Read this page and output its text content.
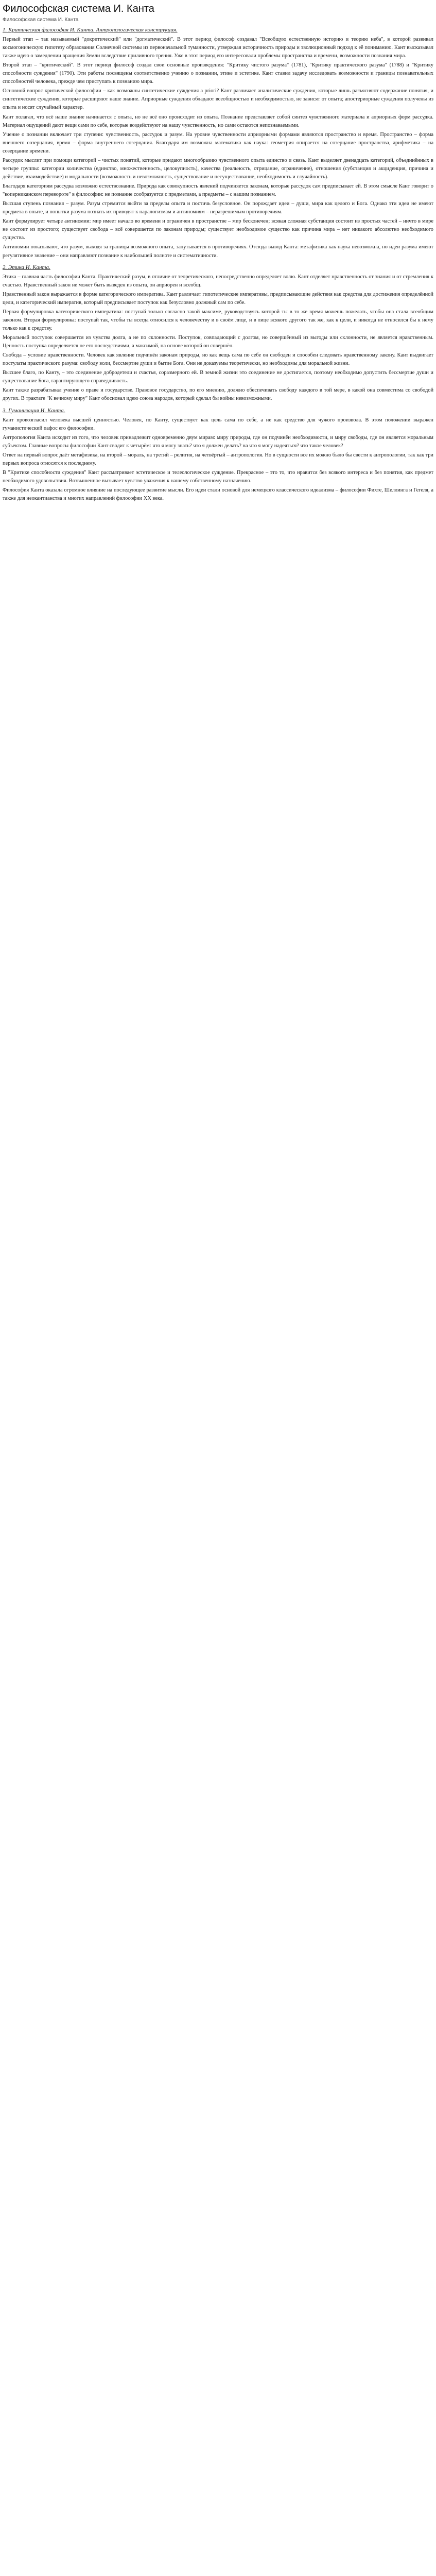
Философская система И. Канта
Философская система И. Канта
1. Критическая философия И. Канта. Антропологическая конструкция.

Первый этап – так называемый "докритический" или "догматический". В этот период философ создавал "Всеобщую естественную историю и теорию неба", в которой развивал космогоническую гипотезу образования Солнечной системы из первоначальной туманности, утверждая историчность природы и эволюционный подход к её пониманию. Кант высказывал также идею о замедлении вращения Земли вследствие приливного трения. Уже в этот период его интересовали проблемы пространства и времени, возможности познания мира.

Второй этап – "критический". В этот период философ создал свои основные произведения: "Критику чистого разума" (1781), "Критику практического разума" (1788) и "Критику способности суждения" (1790). Эти работы посвящены соответственно учению о познании, этике и эстетике. Кант ставил задачу исследовать возможности и границы познавательных способностей человека, прежде чем приступать к познанию мира.

Основной вопрос критической философии – как возможны синтетические суждения a priori? Кант различает аналитические суждения, которые лишь разъясняют содержание понятия, и синтетические суждения, которые расширяют наше знание. Априорные суждения обладают всеобщностью и необходимостью, не зависят от опыта; апостериорные суждения получены из опыта и носят случайный характер.

Кант полагал, что всё наше знание начинается с опыта, но не всё оно происходит из опыта. Познание представляет собой синтез чувственного материала и априорных форм рассудка. Материал ощущений дают вещи сами по себе, которые воздействуют на нашу чувственность, но сами остаются непознаваемыми.

Учение о познании включает три ступени: чувственность, рассудок и разум. На уровне чувственности априорными формами являются пространство и время. Пространство – форма внешнего созерцания, время – форма внутреннего созерцания. Благодаря им возможна математика как наука: геометрия опирается на созерцание пространства, арифметика – на созерцание времени.

Рассудок мыслит при помощи категорий – чистых понятий, которые придают многообразию чувственного опыта единство и связь. Кант выделяет двенадцать категорий, объединённых в четыре группы: категории количества (единство, множественность, целокупность), качества (реальность, отрицание, ограничение), отношения (субстанция и акциденция, причина и действие, взаимодействие) и модальности (возможность и невозможность, существование и несуществование, необходимость и случайность).

Благодаря категориям рассудка возможно естествознание. Природа как совокупность явлений подчиняется законам, которые рассудок сам предписывает ей. В этом смысле Кант говорит о "коперниканском перевороте" в философии: не познание сообразуется с предметами, а предметы – с нашим познанием.

Высшая ступень познания – разум. Разум стремится выйти за пределы опыта и постичь безусловное. Он порождает идеи – души, мира как целого и Бога. Однако эти идеи не имеют предмета в опыте, и попытки разума познать их приводят к паралогизмам и антиномиям – неразрешимым противоречиям.

Кант формулирует четыре антиномии: мир имеет начало во времени и ограничен в пространстве – мир бесконечен; всякая сложная субстанция состоит из простых частей – ничто в мире не состоит из простого; существует свобода – всё совершается по законам природы; существует необходимое существо как причина мира – нет никакого абсолютно необходимого существа.

Антиномии показывают, что разум, выходя за границы возможного опыта, запутывается в противоречиях. Отсюда вывод Канта: метафизика как наука невозможна, но идеи разума имеют регулятивное значение – они направляют познание к наибольшей полноте и систематичности.

2. Этика И. Канта.

Этика – главная часть философии Канта. Практический разум, в отличие от теоретического, непосредственно определяет волю. Кант отделяет нравственность от знания и от стремления к счастью. Нравственный закон не может быть выведен из опыта, он априорен и всеобщ.

Нравственный закон выражается в форме категорического императива. Кант различает гипотетические императивы, предписывающие действия как средства для достижения определённой цели, и категорический императив, который предписывает поступок как безусловно должный сам по себе.

Первая формулировка категорического императива: поступай только согласно такой максиме, руководствуясь которой ты в то же время можешь пожелать, чтобы она стала всеобщим законом. Вторая формулировка: поступай так, чтобы ты всегда относился к человечеству и в своём лице, и в лице всякого другого так же, как к цели, и никогда не относился бы к нему только как к средству.

Моральный поступок совершается из чувства долга, а не по склонности. Поступок, совпадающий с долгом, но совершённый из выгоды или склонности, не является нравственным. Ценность поступка определяется не его последствиями, а максимой, на основе которой он совершён.

Свобода – условие нравственности. Человек как явление подчинён законам природы, но как вещь сама по себе он свободен и способен следовать нравственному закону. Кант выдвигает постулаты практического разума: свободу воли, бессмертие души и бытие Бога. Они не доказуемы теоретически, но необходимы для моральной жизни.

Высшее благо, по Канту, – это соединение добродетели и счастья, соразмерного ей. В земной жизни это соединение не достигается, поэтому необходимо допустить бессмертие души и существование Бога, гарантирующего справедливость.

Кант также разрабатывал учение о праве и государстве. Правовое государство, по его мнению, должно обеспечивать свободу каждого в той мере, в какой она совместима со свободой других. В трактате "К вечному миру" Кант обосновал идею союза народов, который сделал бы войны невозможными.

3. Гуманизация И. Канта.

Кант провозгласил человека высшей ценностью. Человек, по Канту, существует как цель сама по себе, а не как средство для чужого произвола. В этом положении выражен гуманистический пафос его философии.

Антропология Канта исходит из того, что человек принадлежит одновременно двум мирам: миру природы, где он подчинён необходимости, и миру свободы, где он является моральным субъектом. Главные вопросы философии Кант сводит к четырём: что я могу знать? что я должен делать? на что я могу надеяться? что такое человек?

Ответ на первый вопрос даёт метафизика, на второй – мораль, на третий – религия, на четвёртый – антропология. Но в сущности все их можно было бы свести к антропологии, так как три первых вопроса относятся к последнему.

В "Критике способности суждения" Кант рассматривает эстетическое и телеологическое суждение. Прекрасное – это то, что нравится без всякого интереса и без понятия, как предмет необходимого удовольствия. Возвышенное вызывает чувство уважения к нашему собственному назначению.

Философия Канта оказала огромное влияние на последующее развитие мысли. Его идеи стали основой для немецкого классического идеализма – философии Фихте, Шеллинга и Гегеля, а также для неокантианства и многих направлений философии XX века.
